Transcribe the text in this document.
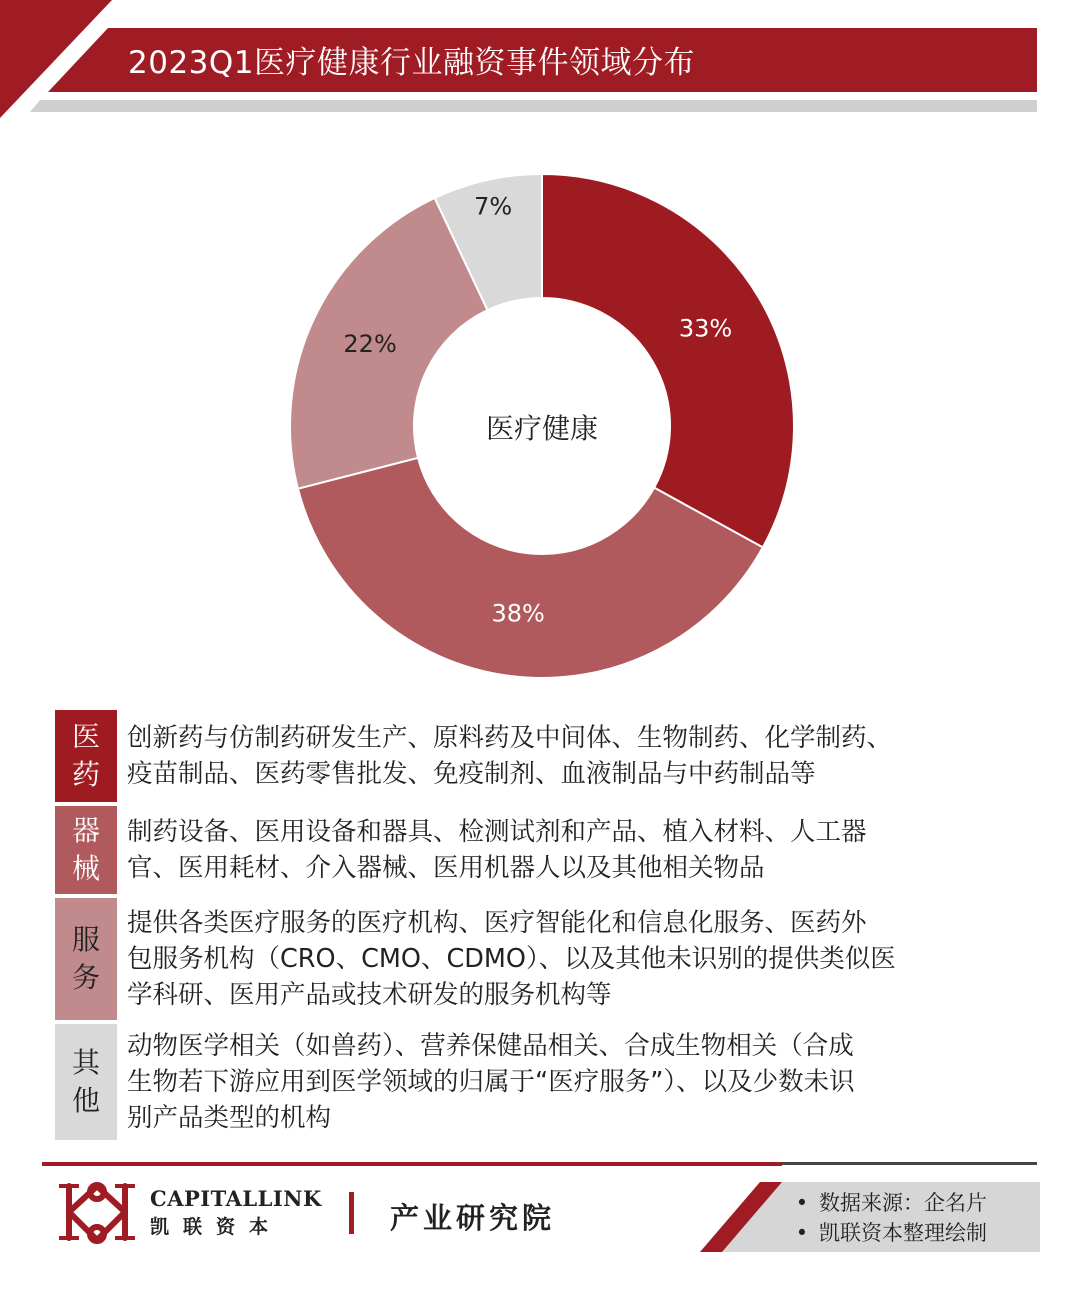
2023Q1医疗健康行业融资事件领域分布
33%
38%
22%
7%
医疗健康
医
药
创新药与仿制药研发生产、原料药及中间体、生物制药、化学制药、
疫苗制品、医药零售批发、免疫制剂、血液制品与中药制品等
器
械
制药设备、医用设备和器具、检测试剂和产品、植入材料、人工器
官、医用耗材、介入器械、医用机器人以及其他相关物品
服
务
提供各类医疗服务的医疗机构、医疗智能化和信息化服务、医药外
包服务机构（CRO、CMO、CDMO）、以及其他未识别的提供类似医
学科研、医用产品或技术研发的服务机构等
其
他
动物医学相关（如兽药）、营养保健品相关、合成生物相关（合成
生物若下游应用到医学领域的归属于“医疗服务”）、以及少数未识
别产品类型的机构
CAPITALLINK
凯联资本	产业研究院	• 数据来源：企名片
• 凯联资本整理绘制
